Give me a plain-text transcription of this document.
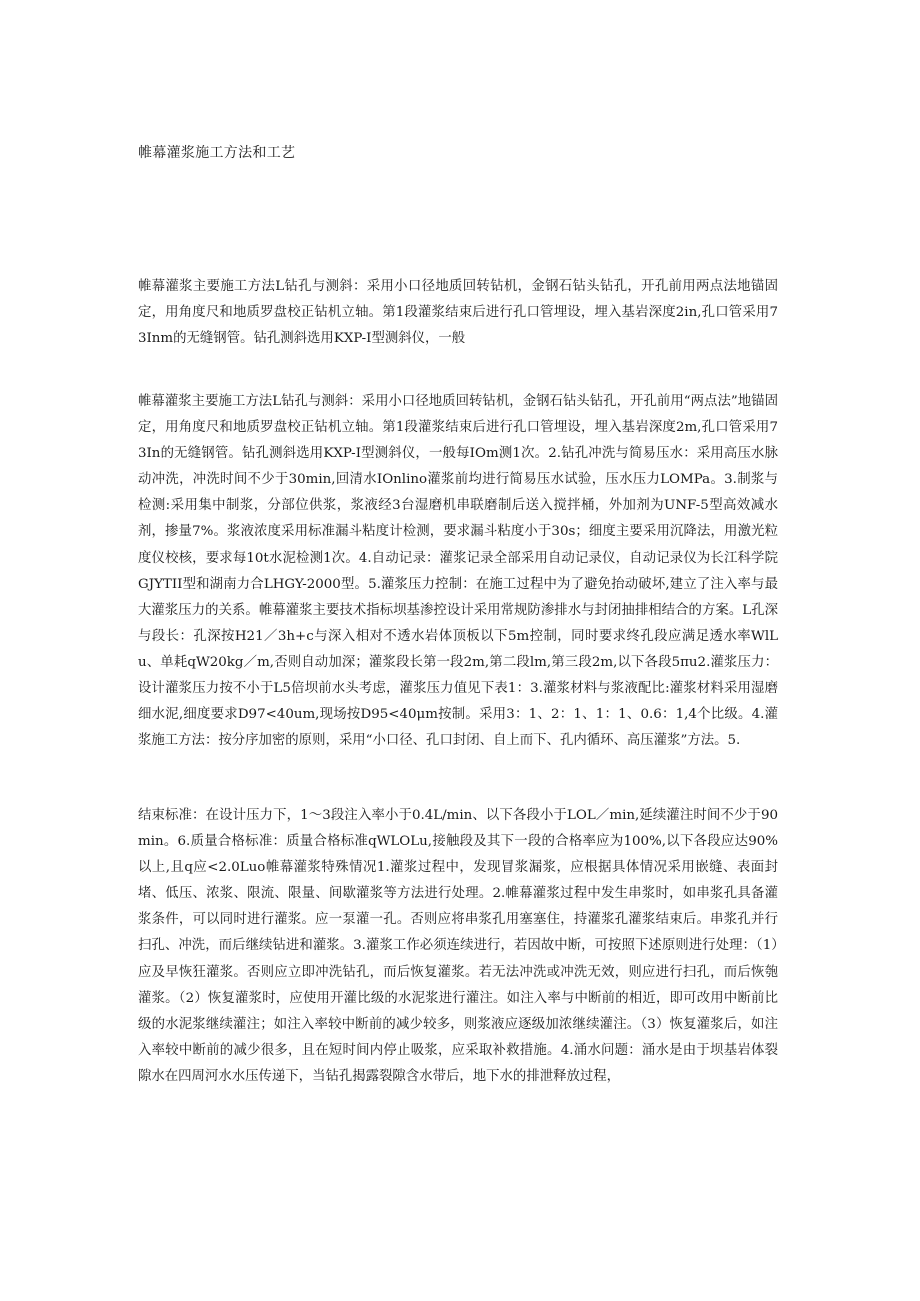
帷幕灌浆施工方法和工艺

帷幕灌浆主要施工方法L钻孔与测斜：采用小口径地质回转钻机，金钢石钻头钻孔，开孔前用两点法地锚固定，用角度尺和地质罗盘校正钻机立轴。第1段灌浆结束后进行孔口管埋设，埋入基岩深度2in,孔口管采用73Inm的无缝钢管。钻孔测斜选用KXP-I型测斜仪，一般

帷幕灌浆主要施工方法L钻孔与测斜：采用小口径地质回转钻机，金钢石钻头钻孔，开孔前用“两点法”地锚固定，用角度尺和地质罗盘校正钻机立轴。第1段灌浆结束后进行孔口管埋设，埋入基岩深度2m,孔口管采用73In的无缝钢管。钻孔测斜选用KXP-I型测斜仪，一般每IOm测1次。2.钻孔冲洗与简易压水：采用高压水脉动冲洗，冲洗时间不少于30min,回清水IOnlino灌浆前均进行简易压水试验，压水压力LOMPa。3.制浆与检测:采用集中制浆，分部位供浆，浆液经3台湿磨机串联磨制后送入搅拌桶，外加剂为UNF-5型高效减水剂，掺量7%。浆液浓度采用标准漏斗粘度计检测，要求漏斗粘度小于30s；细度主要采用沉降法，用激光粒度仪校核，要求每10t水泥检测1次。4.自动记录：灌浆记录全部采用自动记录仪，自动记录仪为长江科学院GJYTII型和湖南力合LHGY-2000型。5.灌浆压力控制：在施工过程中为了避免抬动破坏,建立了注入率与最大灌浆压力的关系。帷幕灌浆主要技术指标坝基渗控设计采用常规防渗排水与封闭抽排相结合的方案。L孔深与段长：孔深按H21／3h+c与深入相对不透水岩体顶板以下5m控制，同时要求终孔段应满足透水率WlLu、单耗qW20kg／m,否则自动加深；灌浆段长第一段2m,第二段lm,第三段2m,以下各段5πu2.灌浆压力：设计灌浆压力按不小于L5倍坝前水头考虑，灌浆压力值见下表1：3.灌浆材料与浆液配比:灌浆材料采用湿磨细水泥,细度要求D97<40um,现场按D95<40μm按制。采用3：1、2：1、1：1、0.6：1,4个比级。4.灌浆施工方法：按分序加密的原则，采用“小口径、孔口封闭、自上而下、孔内循环、高压灌浆”方法。5.

结束标准：在设计压力下，1～3段注入率小于0.4L/min、以下各段小于LOL／min,延续灌注时间不少于90min。6.质量合格标准：质量合格标准qWLOLu,接触段及其下一段的合格率应为100%,以下各段应达90%以上,且q应<2.0Luo帷幕灌浆特殊情况1.灌浆过程中，发现冒浆漏浆，应根据具体情况采用嵌缝、表面封堵、低压、浓浆、限流、限量、间歇灌浆等方法进行处理。2.帷幕灌浆过程中发生串浆时，如串浆孔具备灌浆条件，可以同时进行灌浆。应一泵灌一孔。否则应将串浆孔用塞塞住，持灌浆孔灌浆结束后。串浆孔并行扫孔、冲洗，而后继续钻进和灌浆。3.灌浆工作必须连续进行，若因故中断，可按照下述原则进行处理：（1）应及早恢狂灌浆。否则应立即冲洗钻孔，而后恢复灌浆。若无法冲洗或冲洗无效，则应进行扫孔，而后恢匏灌浆。（2）恢复灌浆时，应使用开灌比级的水泥浆进行灌注。如注入率与中断前的相近，即可改用中断前比级的水泥浆继续灌注；如注入率较中断前的减少较多，则浆液应逐级加浓继续灌注。（3）恢复灌浆后，如注入率较中断前的减少很多，且在短时间内停止吸浆，应采取补救措施。4.涌水问题：涌水是由于坝基岩体裂隙水在四周河水水压传递下，当钻孔揭露裂隙含水带后，地下水的排泄释放过程，
